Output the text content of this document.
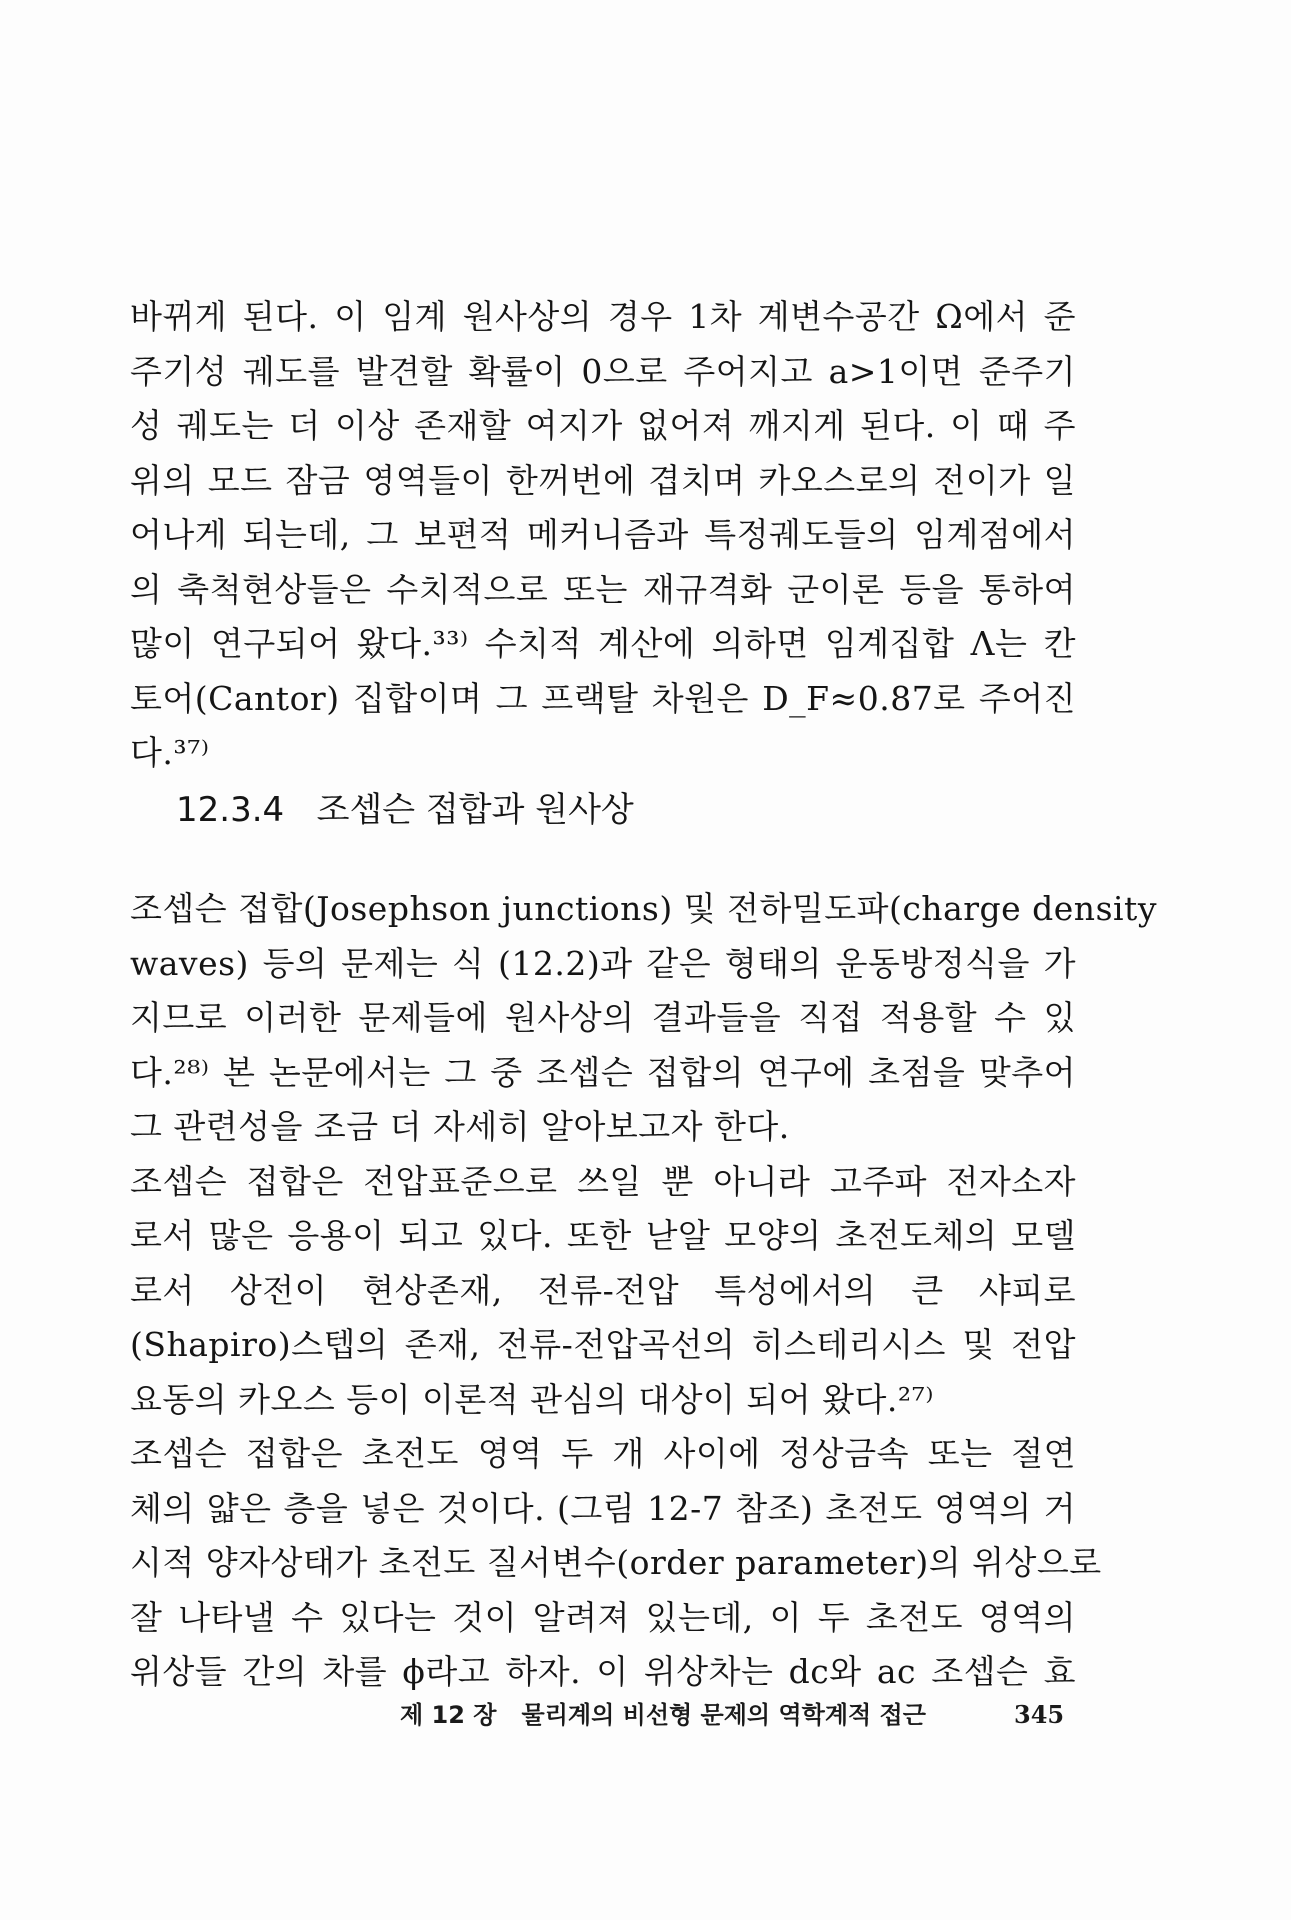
바뀌게 된다. 이 임계 원사상의 경우 1차 계변수공간 Ω에서 준
주기성 궤도를 발견할 확률이 0으로 주어지고 a>1이면 준주기
성 궤도는 더 이상 존재할 여지가 없어져 깨지게 된다. 이 때 주
위의 모드 잠금 영역들이 한꺼번에 겹치며 카오스로의 전이가 일
어나게 되는데, 그 보편적 메커니즘과 특정궤도들의 임계점에서
의 축척현상들은 수치적으로 또는 재규격화 군이론 등을 통하여
많이 연구되어 왔다.³³⁾ 수치적 계산에 의하면 임계집합 Λ는 칸
토어(Cantor) 집합이며 그 프랙탈 차원은 D_F≈0.87로 주어진
다.³⁷⁾
12.3.4   조셉슨 접합과 원사상
조셉슨 접합(Josephson junctions) 및 전하밀도파(charge density
waves) 등의 문제는 식 (12.2)과 같은 형태의 운동방정식을 가
지므로 이러한 문제들에 원사상의 결과들을 직접 적용할 수 있
다.²⁸⁾ 본 논문에서는 그 중 조셉슨 접합의 연구에 초점을 맞추어
그 관련성을 조금 더 자세히 알아보고자 한다.
조셉슨 접합은 전압표준으로 쓰일 뿐 아니라 고주파 전자소자
로서 많은 응용이 되고 있다. 또한 낟알 모양의 초전도체의 모델
로서 상전이 현상존재, 전류-전압 특성에서의 큰 샤피로
(Shapiro)스텝의 존재, 전류-전압곡선의 히스테리시스 및 전압
요동의 카오스 등이 이론적 관심의 대상이 되어 왔다.²⁷⁾
조셉슨 접합은 초전도 영역 두 개 사이에 정상금속 또는 절연
체의 얇은 층을 넣은 것이다. (그림 12-7 참조) 초전도 영역의 거
시적 양자상태가 초전도 질서변수(order parameter)의 위상으로
잘 나타낼 수 있다는 것이 알려져 있는데, 이 두 초전도 영역의
위상들 간의 차를 ϕ라고 하자. 이 위상차는 dc와 ac 조셉슨 효
제 12 장   물리계의 비선형 문제의 역학계적 접근	345
